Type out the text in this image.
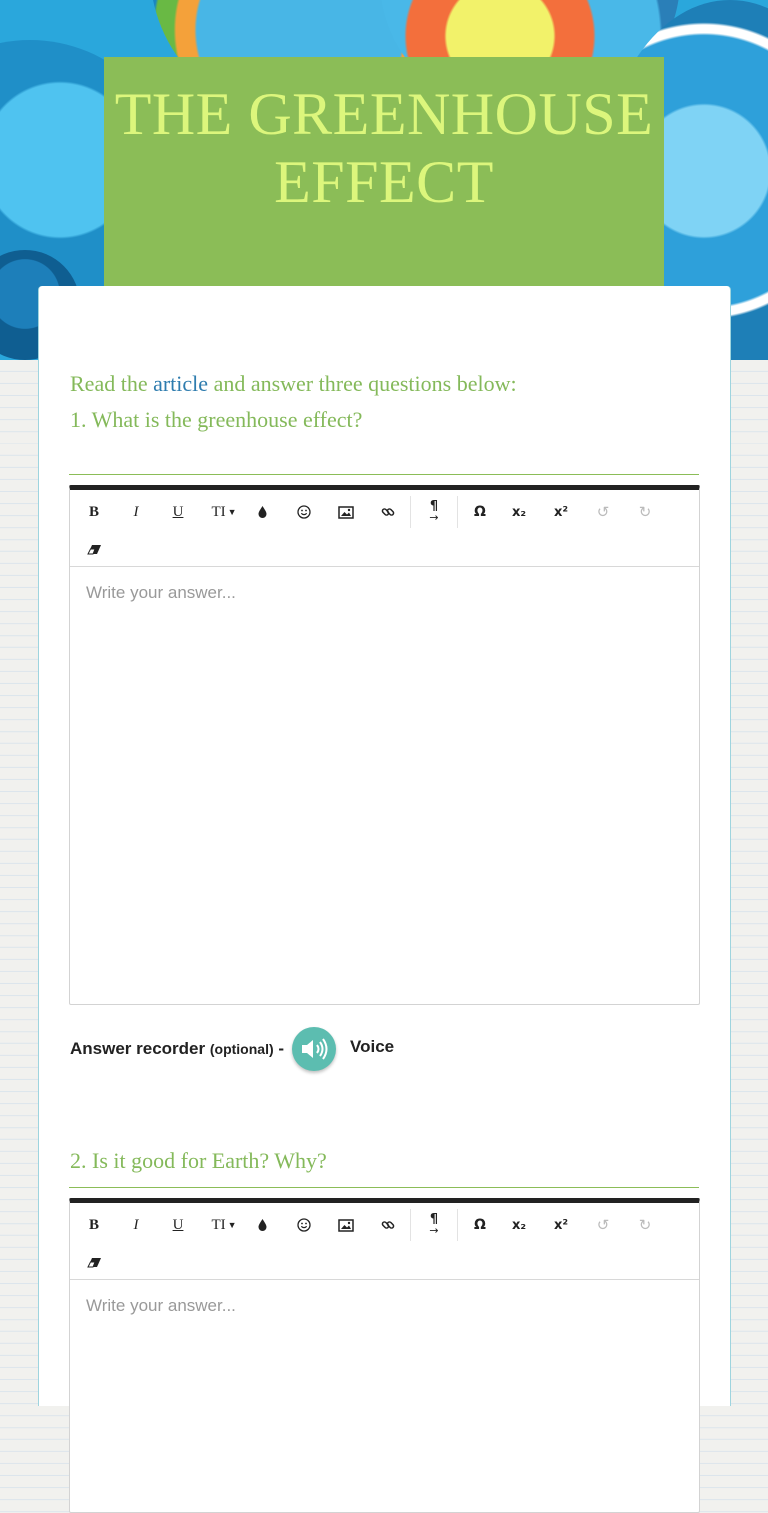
THE GREENHOUSE EFFECT

Read the article and answer three questions below:

1. What is the greenhouse effect?

B	I	U	TI ▼	¶
→	Ω	x₂	x²	↺ ↻
Write your answer...
Answer recorder (optional) -	Voice
2. Is it good for Earth? Why?
B	I	U	TI ▼	¶
→	Ω	x₂	x²	↺ ↻
Write your answer...
